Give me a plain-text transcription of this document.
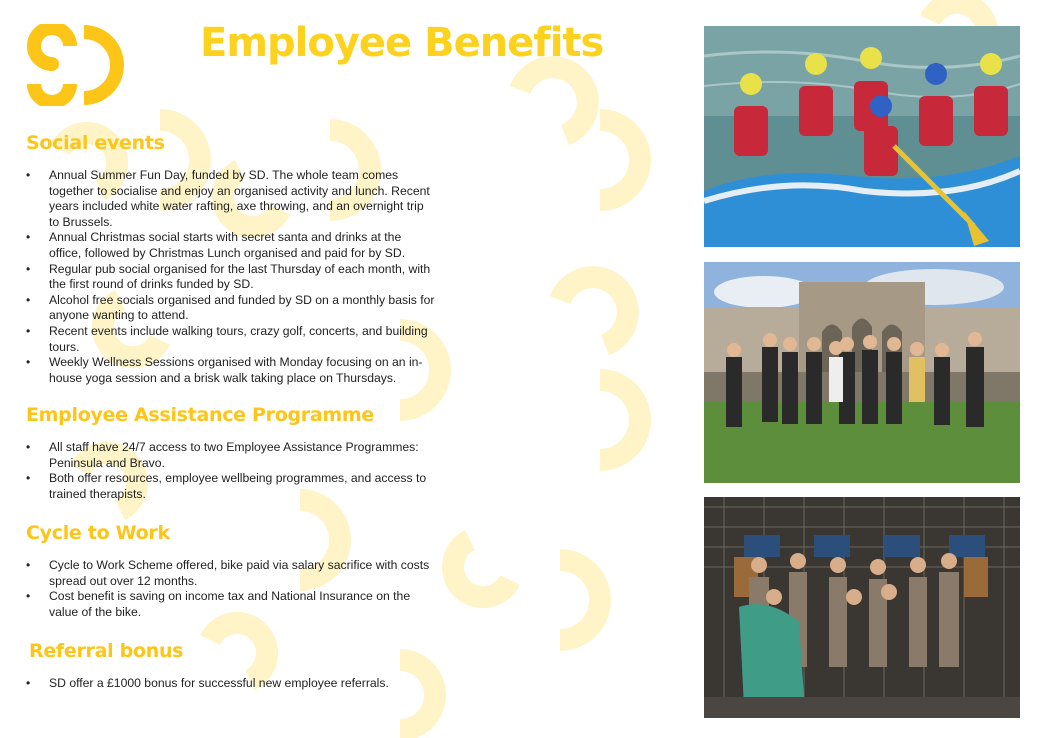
Employee Benefits
Social events
• Annual Summer Fun Day, funded by SD. The whole team comes together to socialise and enjoy an organised activity and lunch. Recent years included white water rafting, axe throwing, and an overnight trip to Brussels.
• Annual Christmas social starts with secret santa and drinks at the office, followed by Christmas Lunch organised and paid for by SD.
• Regular pub social organised for the last Thursday of each month, with the first round of drinks funded by SD.
• Alcohol free socials organised and funded by SD on a monthly basis for anyone wanting to attend.
• Recent events include walking tours, crazy golf, concerts, and building tours.
• Weekly Wellness Sessions organised with Monday focusing on an in-house yoga session and a brisk walk taking place on Thursdays.
Employee Assistance Programme
• All staff have 24/7 access to two Employee Assistance Programmes: Peninsula and Bravo.
• Both offer resources, employee wellbeing programmes, and access to trained therapists.
Cycle to Work
• Cycle to Work Scheme offered, bike paid via salary sacrifice with costs spread out over 12 months.
• Cost benefit is saving on income tax and National Insurance on the value of the bike.
Referral bonus
• SD offer a £1000 bonus for successful new employee referrals.
